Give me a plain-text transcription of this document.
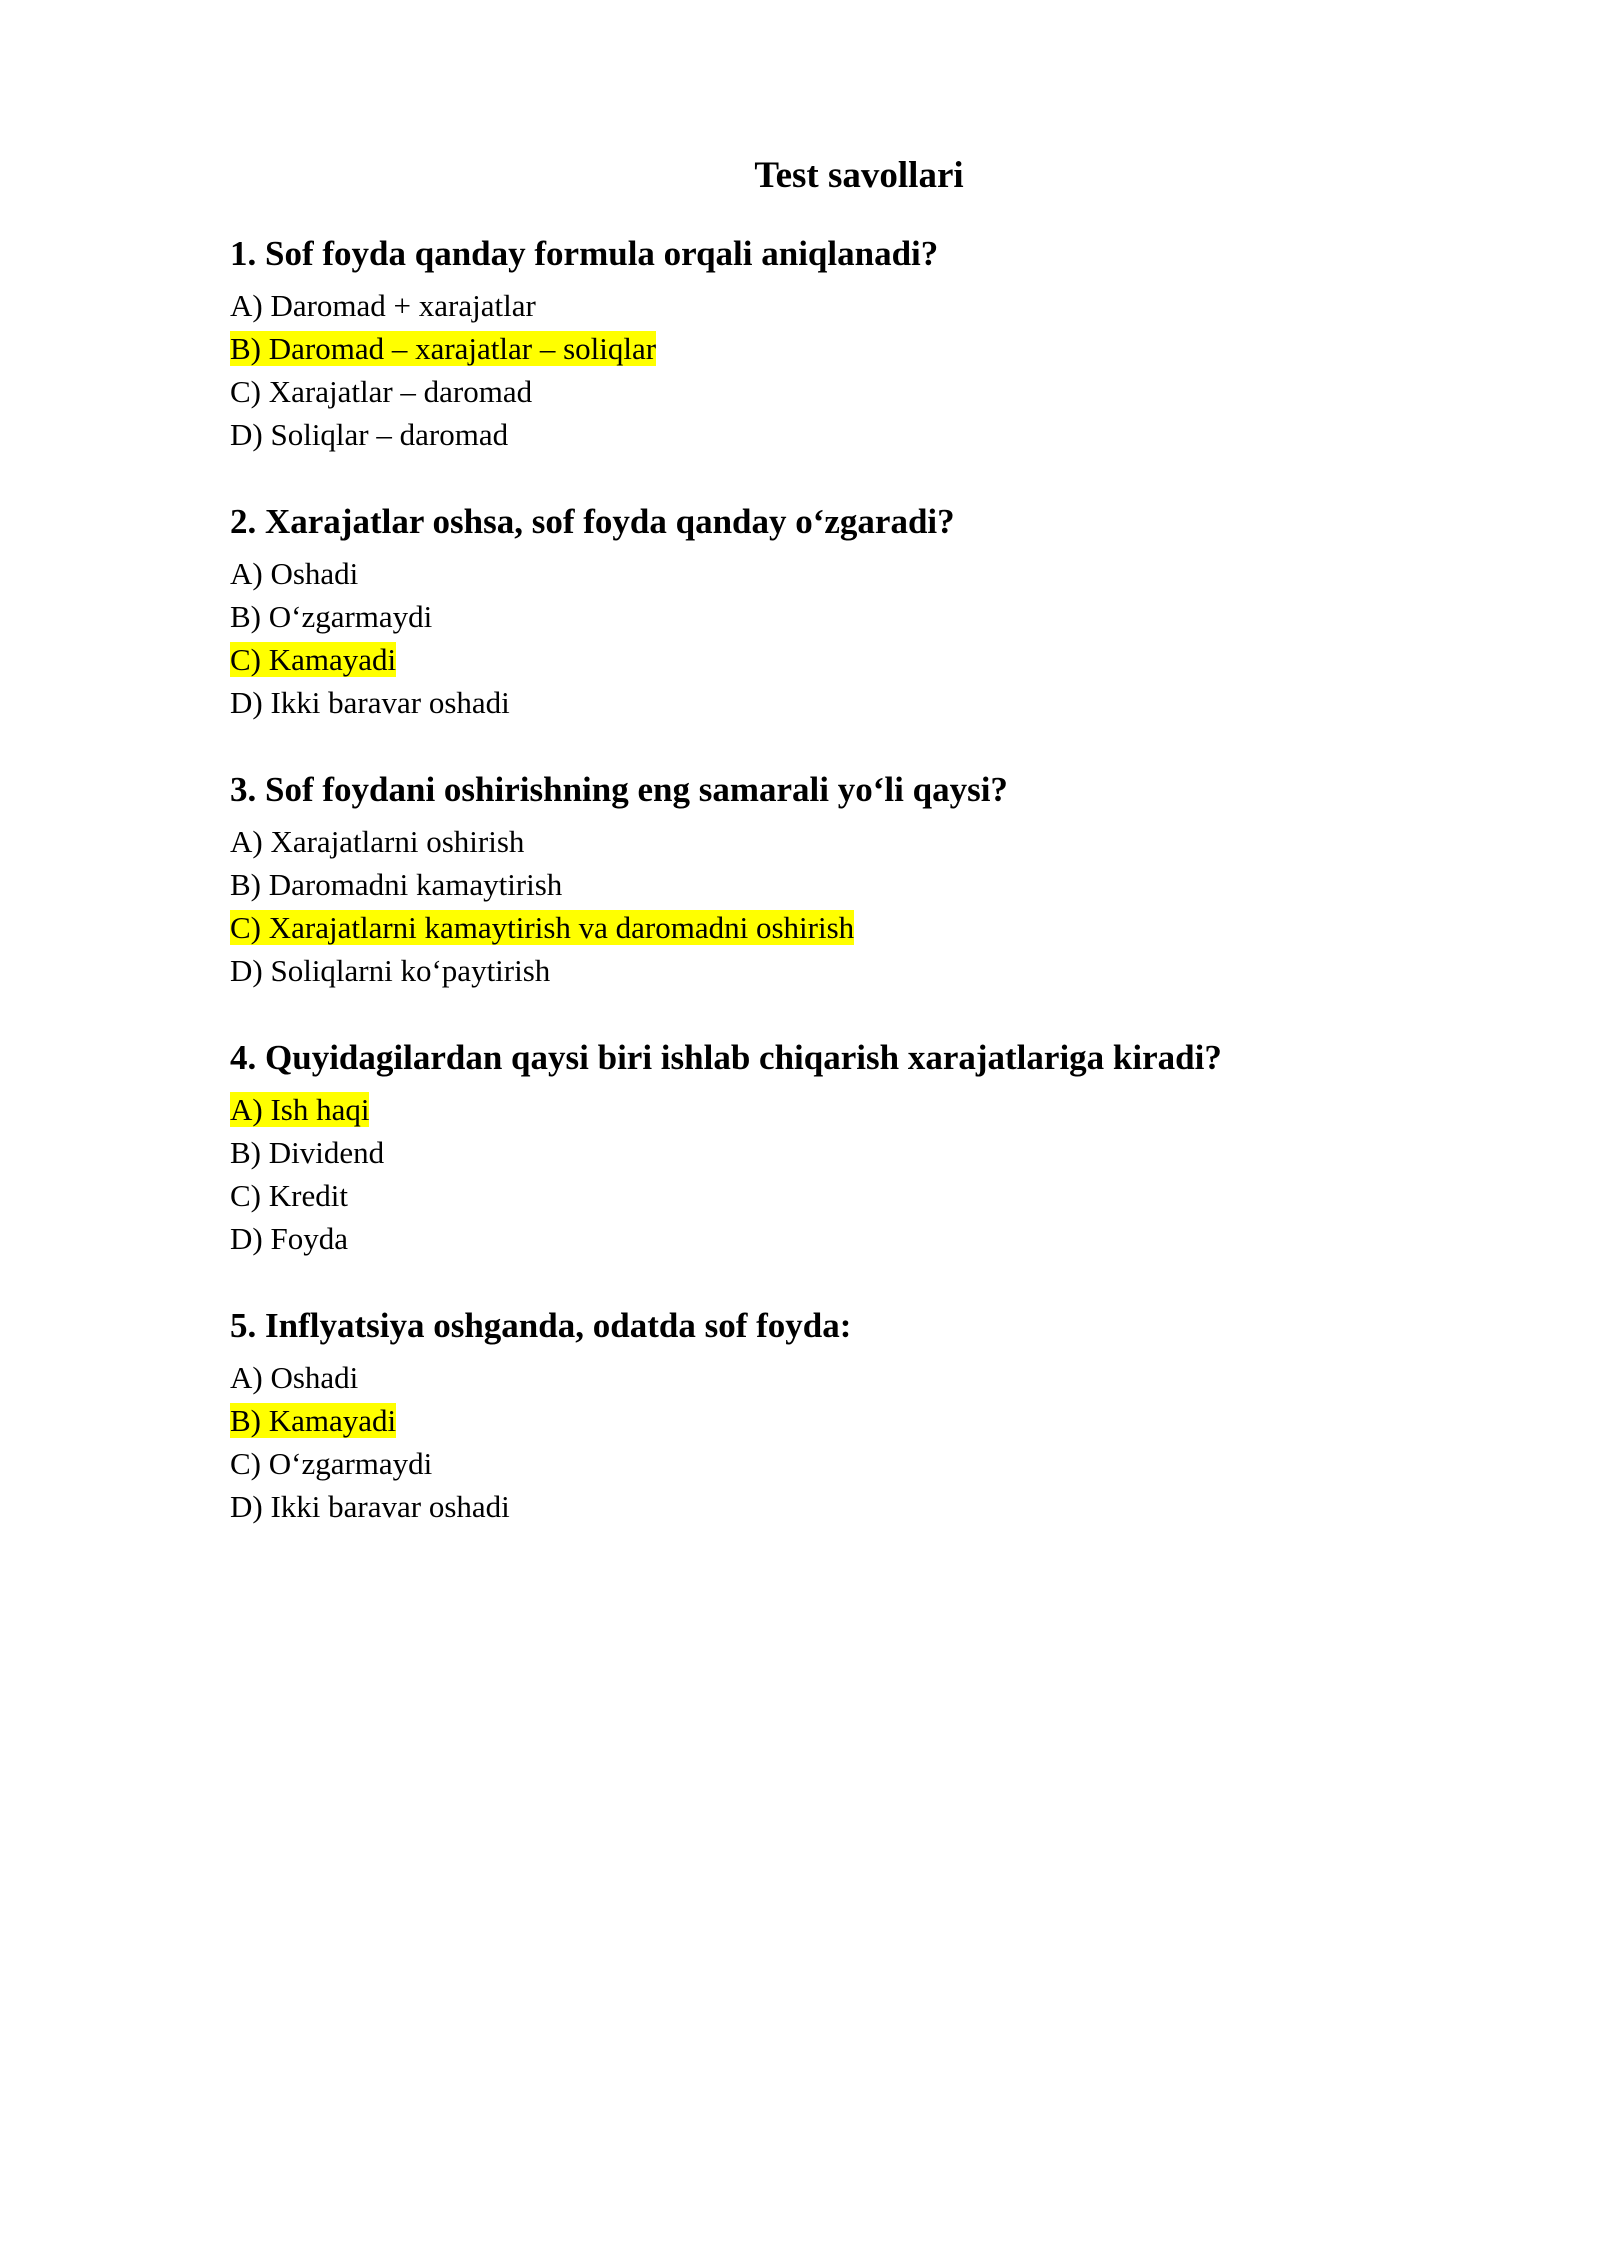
Test savollari

1. Sof foyda qanday formula orqali aniqlanadi?

A) Daromad + xarajatlar

B) Daromad – xarajatlar – soliqlar

C) Xarajatlar – daromad

D) Soliqlar – daromad

2. Xarajatlar oshsa, sof foyda qanday o‘zgaradi?

A) Oshadi

B) O‘zgarmaydi

C) Kamayadi

D) Ikki baravar oshadi

3. Sof foydani oshirishning eng samarali yo‘li qaysi?

A) Xarajatlarni oshirish

B) Daromadni kamaytirish

C) Xarajatlarni kamaytirish va daromadni oshirish

D) Soliqlarni ko‘paytirish

4. Quyidagilardan qaysi biri ishlab chiqarish xarajatlariga kiradi?

A) Ish haqi

B) Dividend

C) Kredit

D) Foyda

5. Inflyatsiya oshganda, odatda sof foyda:

A) Oshadi

B) Kamayadi

C) O‘zgarmaydi

D) Ikki baravar oshadi
